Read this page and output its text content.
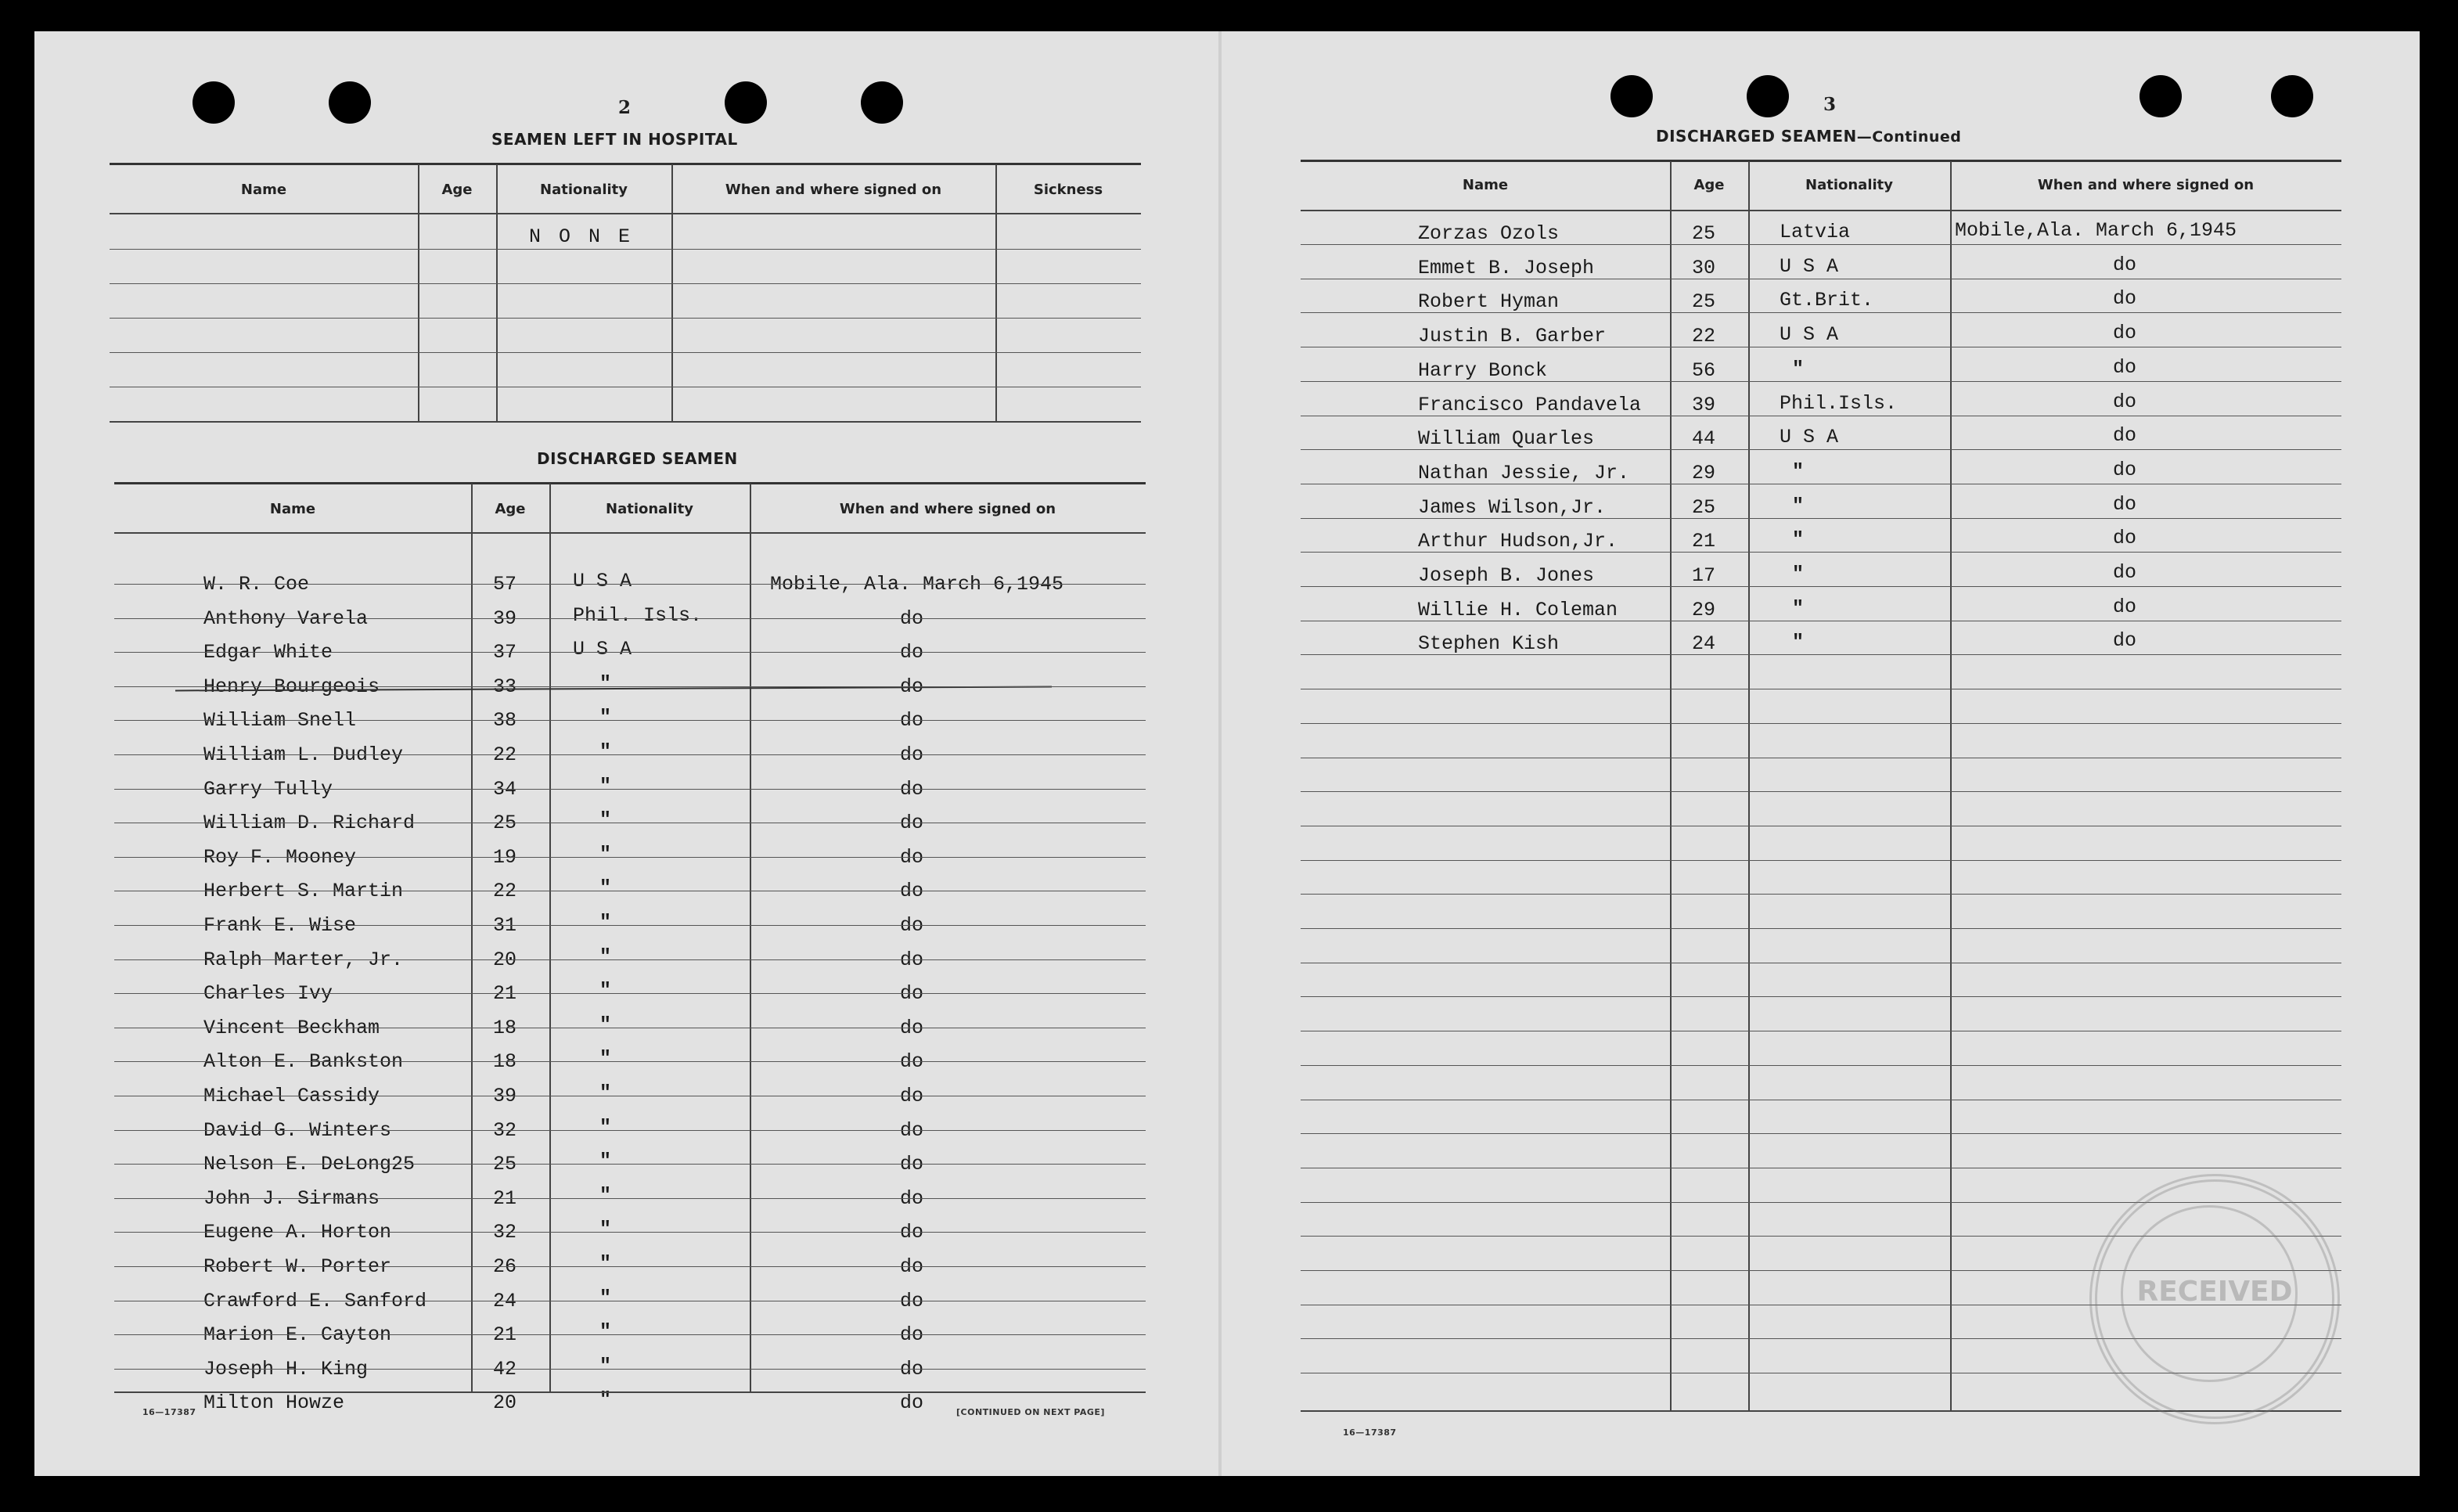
2
SEAMEN LEFT IN HOSPITAL
Name	Age	Nationality	When and where signed on	Sickness
N O N E
DISCHARGED SEAMEN
Name	Age	Nationality	When and where signed on
W. R. Coe	57	U S A	Mobile, Ala. March 6,1945
Anthony Varela	39	Phil. Isls.	do
Edgar White	37	U S A	do
Henry Bourgeois	33	"	do
William Snell	38	"	do
William L. Dudley	22	"	do
Garry Tully	34	"	do
William D. Richard	25	"	do
Roy F. Mooney	19	"	do
Herbert S. Martin	22	"	do
Frank E. Wise	31	"	do
Ralph Marter, Jr.	20	"	do
Charles Ivy	21	"	do
Vincent Beckham	18	"	do
Alton E. Bankston	18	"	do
Michael Cassidy	39	"	do
David G. Winters	32	"	do
Nelson E. DeLong25	25	"	do
John J. Sirmans	21	"	do
Eugene A. Horton	32	"	do
Robert W. Porter	26	"	do
Crawford E. Sanford	24	"	do
Marion E. Cayton	21	"	do
Joseph H. King	42	"	do
Milton Howze	20	"	do
16—17387	[CONTINUED ON NEXT PAGE]
3
DISCHARGED SEAMEN—Continued
Name	Age	Nationality	When and where signed on
Zorzas Ozols	25	Latvia	Mobile,Ala. March 6,1945
Emmet B. Joseph	30	U S A	do
Robert Hyman	25	Gt.Brit.	do
Justin B. Garber	22	U S A	do
Harry Bonck	56	"	do
Francisco Pandavela	39	Phil.Isls.	do
William Quarles	44	U S A	do
Nathan Jessie, Jr.	29	"	do
James Wilson,Jr.	25	"	do
Arthur Hudson,Jr.	21	"	do
Joseph B. Jones	17	"	do
Willie H. Coleman	29	"	do
Stephen Kish	24	"	do
16—17387
RECEIVED
